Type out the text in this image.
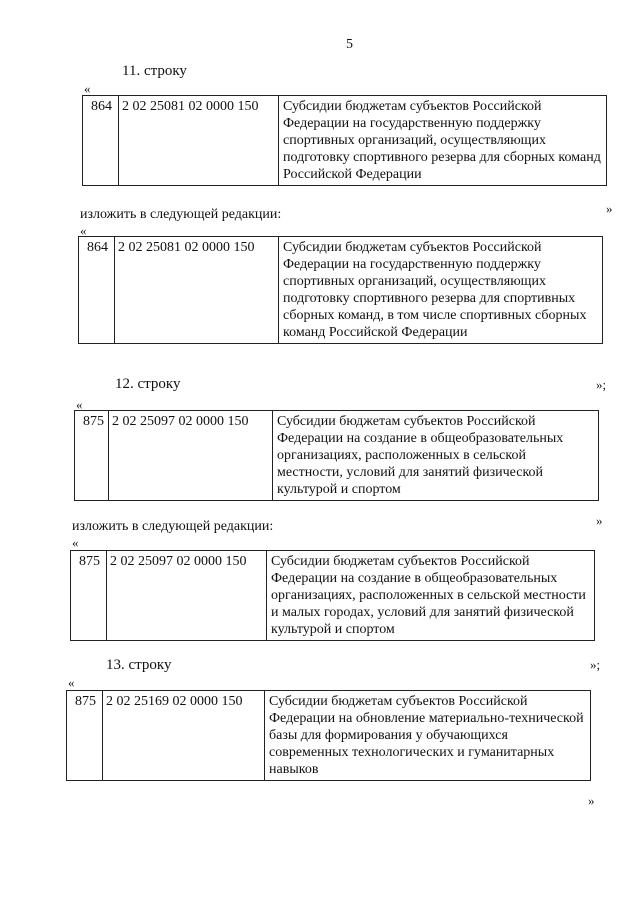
5
11. строку
«
864	2 02 25081 02 0000 150	Субсидии бюджетам субъектов Российской Федерации на государственную поддержку спортивных организаций, осуществляющих подготовку спортивного резерва для сборных команд Российской Федерации
»
изложить в следующей редакции:
«
864	2 02 25081 02 0000 150	Субсидии бюджетам субъектов Российской Федерации на государственную поддержку спортивных организаций, осуществляющих подготовку спортивного резерва для спортивных сборных команд, в том числе спортивных сборных команд Российской Федерации
12. строку	»;
«
875	2 02 25097 02 0000 150	Субсидии бюджетам субъектов Российской Федерации на создание в общеобразовательных организациях, расположенных в сельской местности, условий для занятий физической культурой и спортом
»
изложить в следующей редакции:
«
875	2 02 25097 02 0000 150	Субсидии бюджетам субъектов Российской Федерации на создание в общеобразовательных организациях, расположенных в сельской местности и малых городах, условий для занятий физической культурой и спортом
13. строку	»;
«
875	2 02 25169 02 0000 150	Субсидии бюджетам субъектов Российской Федерации на обновление материально-технической базы для формирования у обучающихся современных технологических и гуманитарных навыков
»
